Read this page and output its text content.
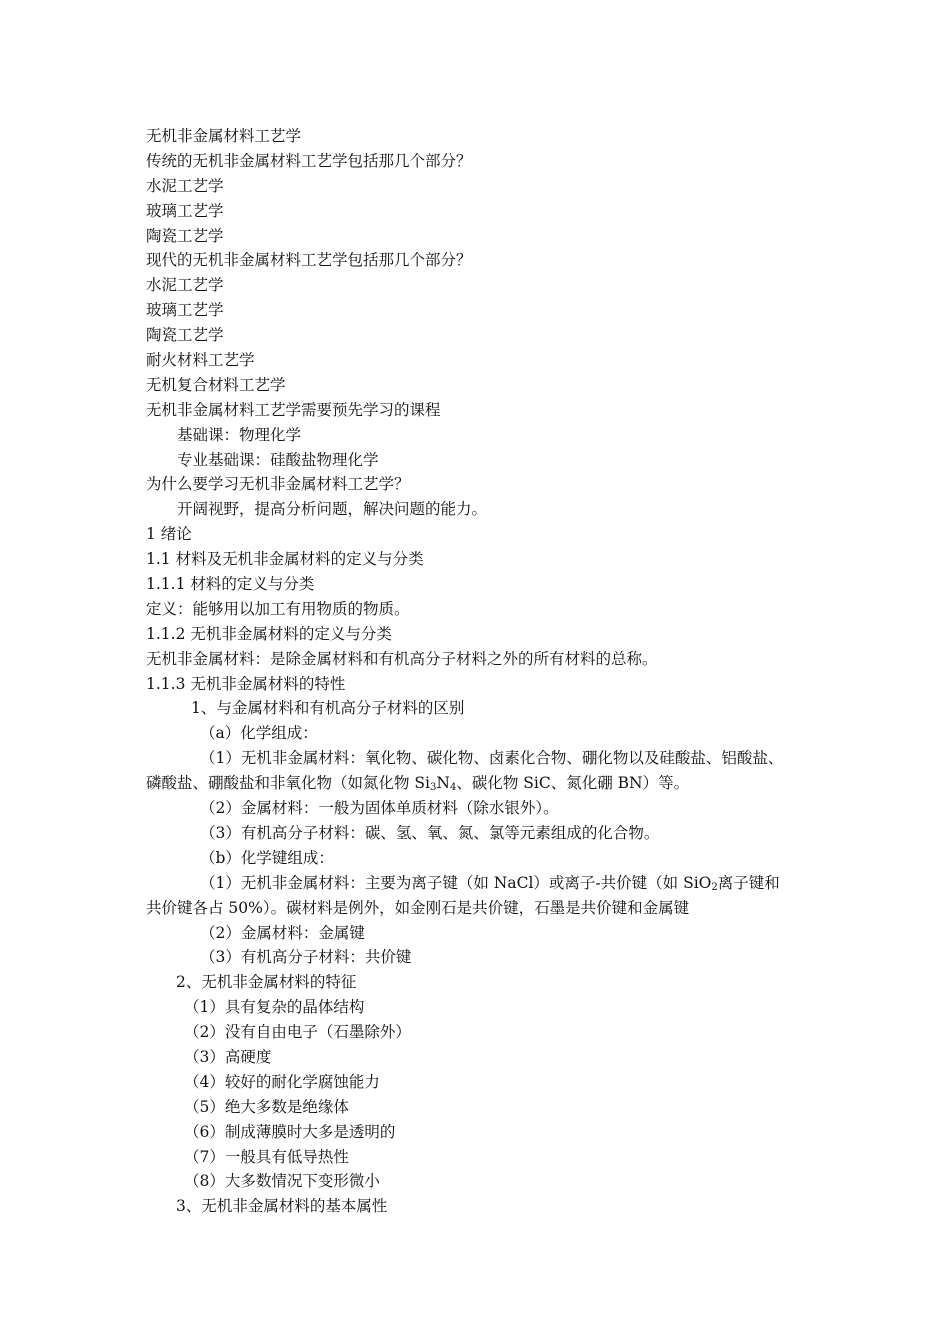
无机非金属材料工艺学
传统的无机非金属材料工艺学包括那几个部分？
水泥工艺学
玻璃工艺学
陶瓷工艺学
现代的无机非金属材料工艺学包括那几个部分？
水泥工艺学
玻璃工艺学
陶瓷工艺学
耐火材料工艺学
无机复合材料工艺学
无机非金属材料工艺学需要预先学习的课程
基础课：物理化学
专业基础课：硅酸盐物理化学
为什么要学习无机非金属材料工艺学？
开阔视野，提高分析问题，解决问题的能力。
1 绪论
1.1 材料及无机非金属材料的定义与分类
1.1.1 材料的定义与分类
定义：能够用以加工有用物质的物质。
1.1.2 无机非金属材料的定义与分类
无机非金属材料：是除金属材料和有机高分子材料之外的所有材料的总称。
1.1.3 无机非金属材料的特性
1、与金属材料和有机高分子材料的区别
（a）化学组成：
（1）无机非金属材料：氧化物、碳化物、卤素化合物、硼化物以及硅酸盐、铝酸盐、
磷酸盐、硼酸盐和非氧化物（如氮化物 $Si_3N_4$、碳化物 SiC、氮化硼 BN）等。
（2）金属材料：一般为固体单质材料（除水银外）。
（3）有机高分子材料：碳、氢、氧、氮、氯等元素组成的化合物。
（b）化学键组成：
（1）无机非金属材料：主要为离子键（如 NaCl）或离子-共价键（如 SiO$_2$离子键和
共价键各占 50%）。碳材料是例外，如金刚石是共价键，石墨是共价键和金属键
（2）金属材料：金属键
（3）有机高分子材料：共价键
2、无机非金属材料的特征
（1）具有复杂的晶体结构
（2）没有自由电子（石墨除外）
（3）高硬度
（4）较好的耐化学腐蚀能力
（5）绝大多数是绝缘体
（6）制成薄膜时大多是透明的
（7）一般具有低导热性
（8）大多数情况下变形微小
3、无机非金属材料的基本属性
